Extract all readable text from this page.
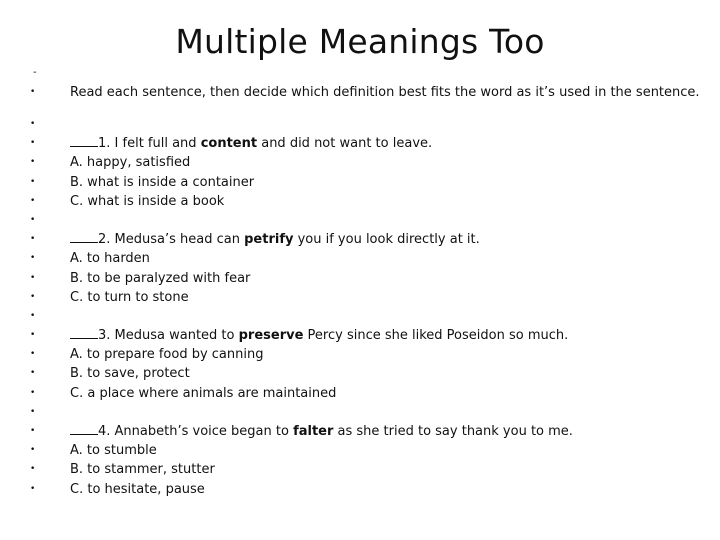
Multiple Meanings Too
-
•	Read each sentence, then decide which definition best fits the word as it’s used in the sentence.
•
•	1. I felt full and content and did not want to leave.
•	A. happy, satisfied
•	B. what is inside a container
•	C. what is inside a book
•
•	2. Medusa’s head can petrify you if you look directly at it.
•	A. to harden
•	B. to be paralyzed with fear
•	C. to turn to stone
•
•	3. Medusa wanted to preserve Percy since she liked Poseidon so much.
•	A. to prepare food by canning
•	B. to save, protect
•	C. a place where animals are maintained
•
•	4. Annabeth’s voice began to falter as she tried to say thank you to me.
•	A. to stumble
•	B. to stammer, stutter
•	C. to hesitate, pause
